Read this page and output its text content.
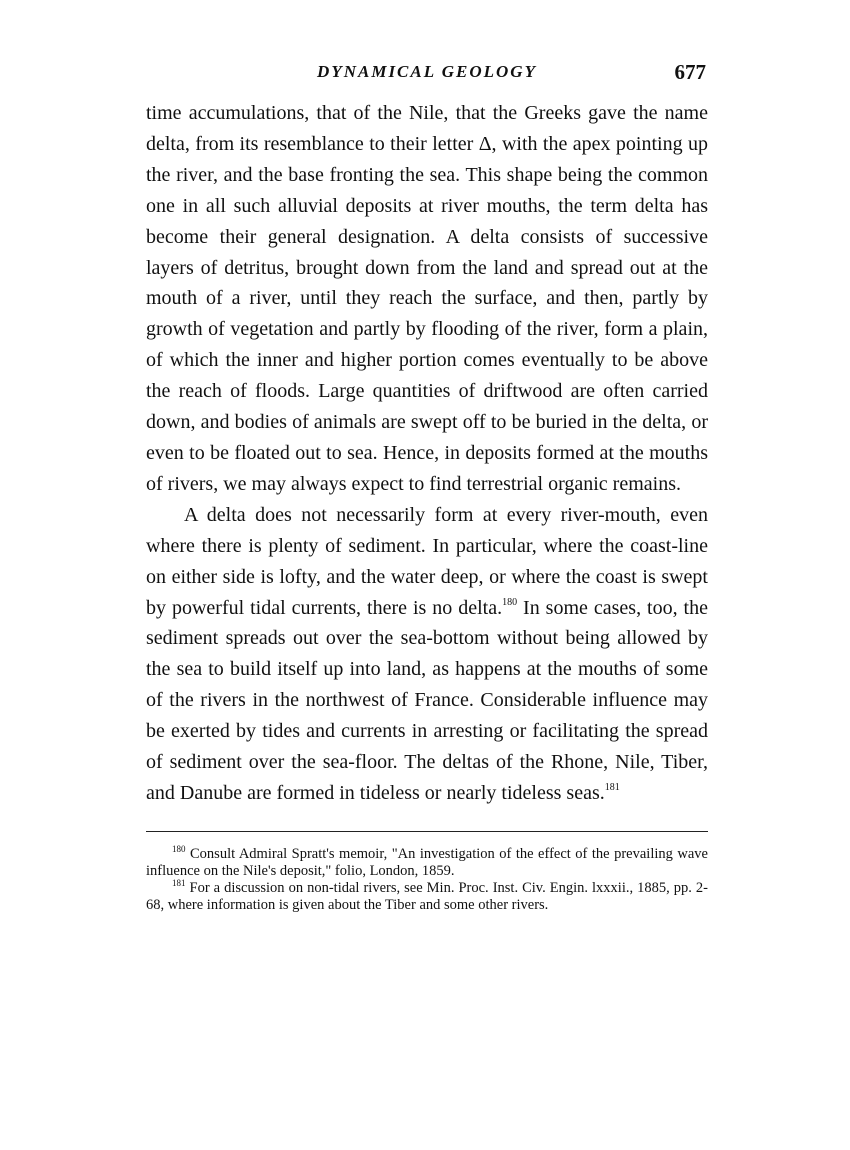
DYNAMICAL GEOLOGY	677

time accumulations, that of the Nile, that the Greeks gave the name delta, from its resemblance to their letter Δ, with the apex pointing up the river, and the base fronting the sea. This shape being the common one in all such alluvial deposits at river mouths, the term delta has become their general designation. A delta consists of successive layers of detritus, brought down from the land and spread out at the mouth of a river, until they reach the surface, and then, partly by growth of vegetation and partly by flooding of the river, form a plain, of which the inner and higher portion comes eventually to be above the reach of floods. Large quantities of driftwood are often carried down, and bodies of animals are swept off to be buried in the delta, or even to be floated out to sea. Hence, in deposits formed at the mouths of rivers, we may always expect to find terrestrial organic remains.

A delta does not necessarily form at every river-mouth, even where there is plenty of sediment. In particular, where the coast-line on either side is lofty, and the water deep, or where the coast is swept by powerful tidal currents, there is no delta.$^{180}$ In some cases, too, the sediment spreads out over the sea-bottom without being allowed by the sea to build itself up into land, as happens at the mouths of some of the rivers in the northwest of France. Considerable influence may be exerted by tides and currents in arresting or facilitating the spread of sediment over the sea-floor. The deltas of the Rhone, Nile, Tiber, and Danube are formed in tideless or nearly tideless seas.$^{181}$

$^{180}$ Consult Admiral Spratt's memoir, "An investigation of the effect of the prevailing wave influence on the Nile's deposit," folio, London, 1859.

$^{181}$ For a discussion on non-tidal rivers, see Min. Proc. Inst. Civ. Engin. lxxxii., 1885, pp. 2-68, where information is given about the Tiber and some other rivers.
